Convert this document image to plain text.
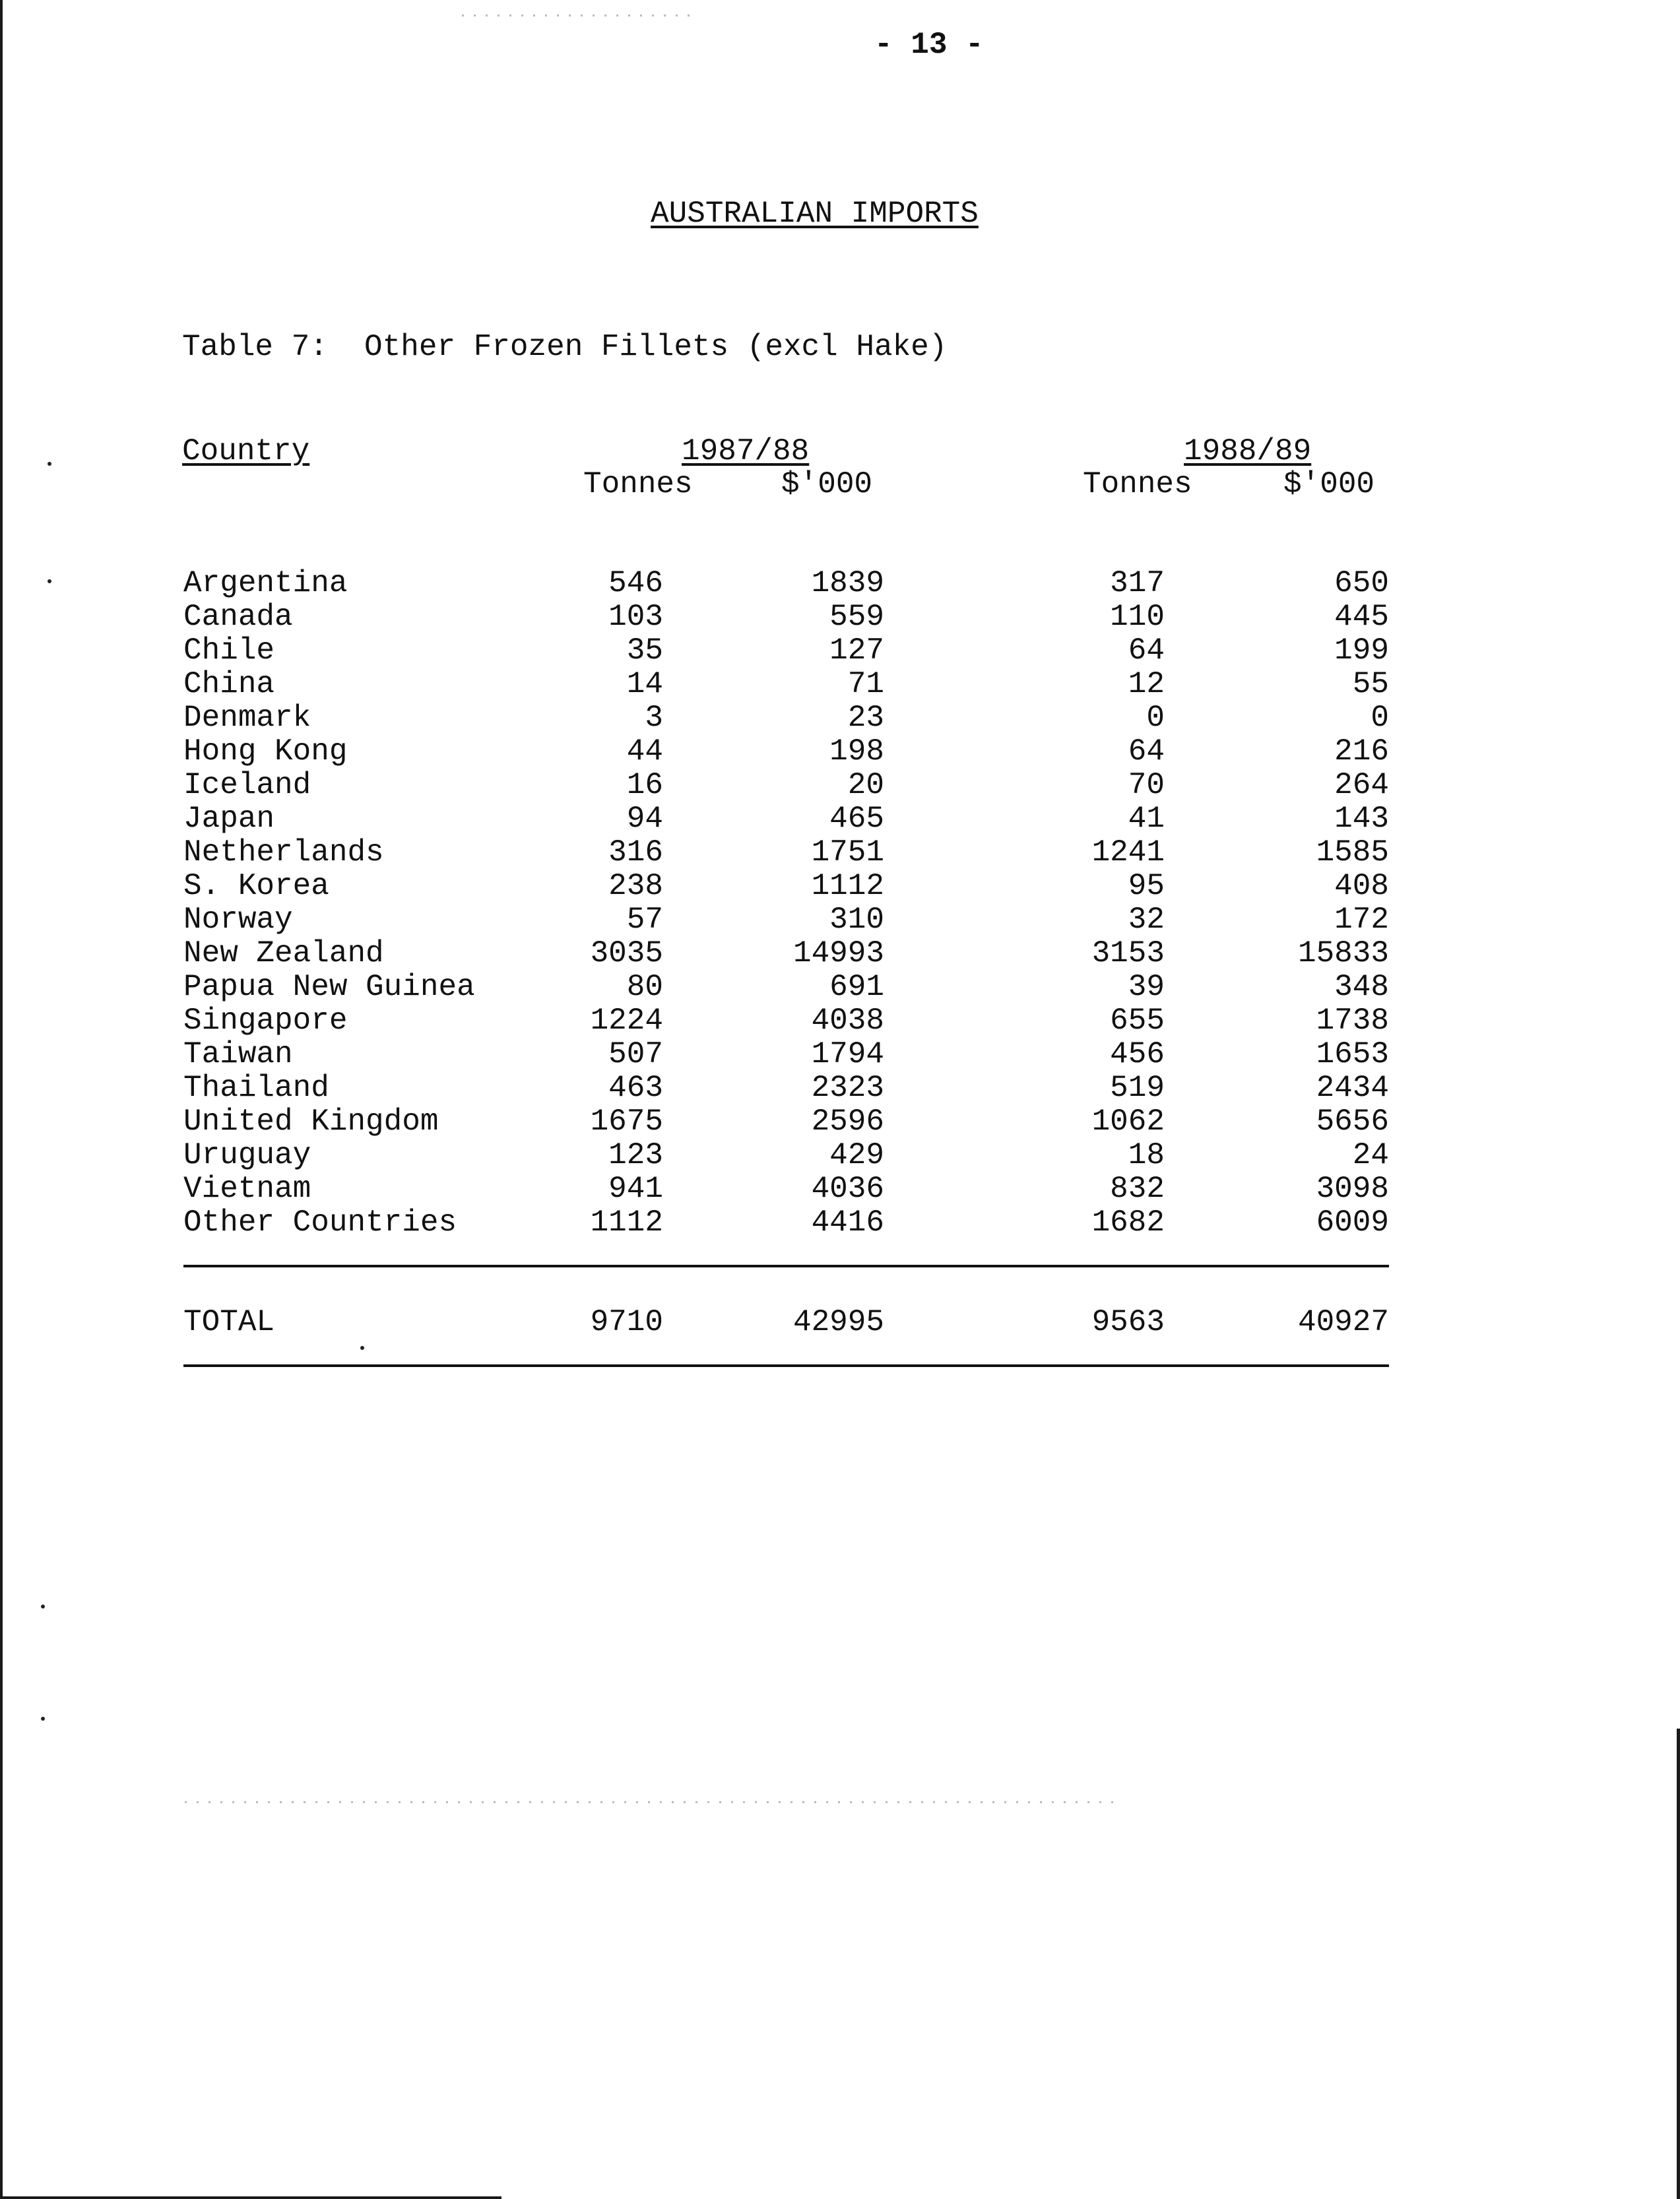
- 13 -
AUSTRALIAN IMPORTS
Table 7:  Other Frozen Fillets (excl Hake)
Country	1987/88	1988/89
Tonnes	$'000	Tonnes	$'000
Argentina	546	1839	317	650
Canada	103	559	110	445
Chile	35	127	64	199
China	14	71	12	55
Denmark	3	23	0	0
Hong Kong	44	198	64	216
Iceland	16	20	70	264
Japan	94	465	41	143
Netherlands	316	1751	1241	1585
S. Korea	238	1112	95	408
Norway	57	310	32	172
New Zealand	3035	14993	3153	15833
Papua New Guinea	80	691	39	348
Singapore	1224	4038	655	1738
Taiwan	507	1794	456	1653
Thailand	463	2323	519	2434
United Kingdom	1675	2596	1062	5656
Uruguay	123	429	18	24
Vietnam	941	4036	832	3098
Other Countries	1112	4416	1682	6009
TOTAL	9710	42995	9563	40927
